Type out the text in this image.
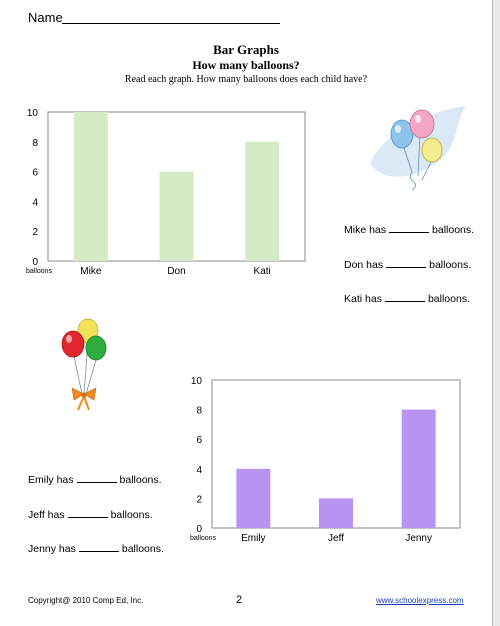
Name
Bar Graphs
How many balloons?
Read each graph. How many balloons does each child have?
0
2
4
6
8
10
Mike	Don	Kati
balloons
Mike has	balloons.
Don has	balloons.
Kati has	balloons.
0
2
4
6
8
10
Emily	Jeff	Jenny
balloons
Emily has	balloons.
Jeff has	balloons.
Jenny has	balloons.
Copyright@ 2010 Comp Ed, Inc.	2	www.schoolexpress.com
